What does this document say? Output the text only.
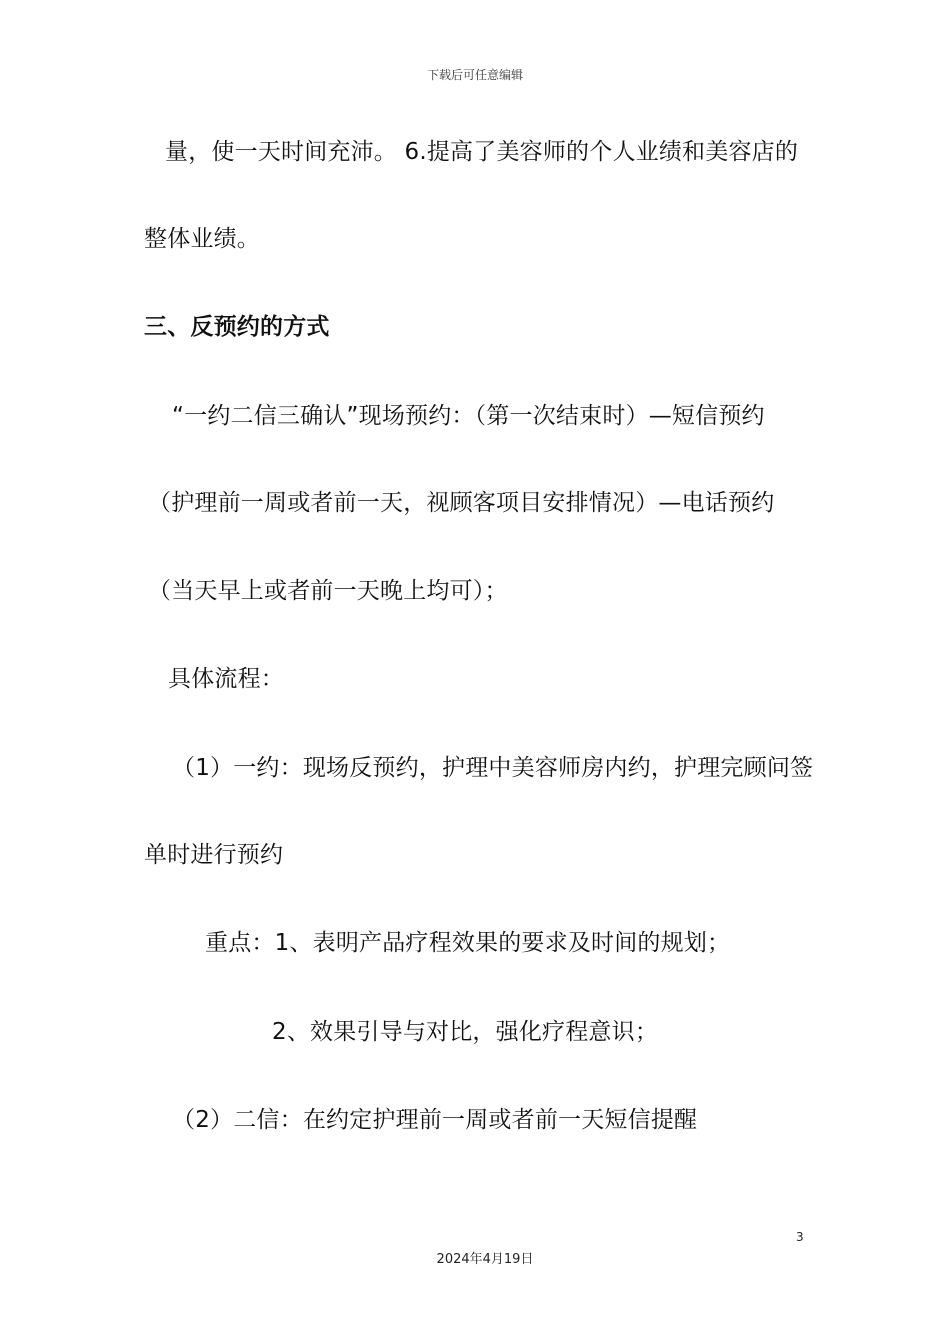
下载后可任意编辑
量，使一天时间充沛。 6.提高了美容师的个人业绩和美容店的
整体业绩。
三、反预约的方式
“一约二信三确认”现场预约：（第一次结束时）—短信预约
（护理前一周或者前一天，视顾客项目安排情况）—电话预约
（当天早上或者前一天晚上均可）；
具体流程：
（1）一约：现场反预约，护理中美容师房内约，护理完顾问签
单时进行预约
重点：1、表明产品疗程效果的要求及时间的规划；
2、效果引导与对比，强化疗程意识；
（2）二信：在约定护理前一周或者前一天短信提醒
3
2024年4月19日
